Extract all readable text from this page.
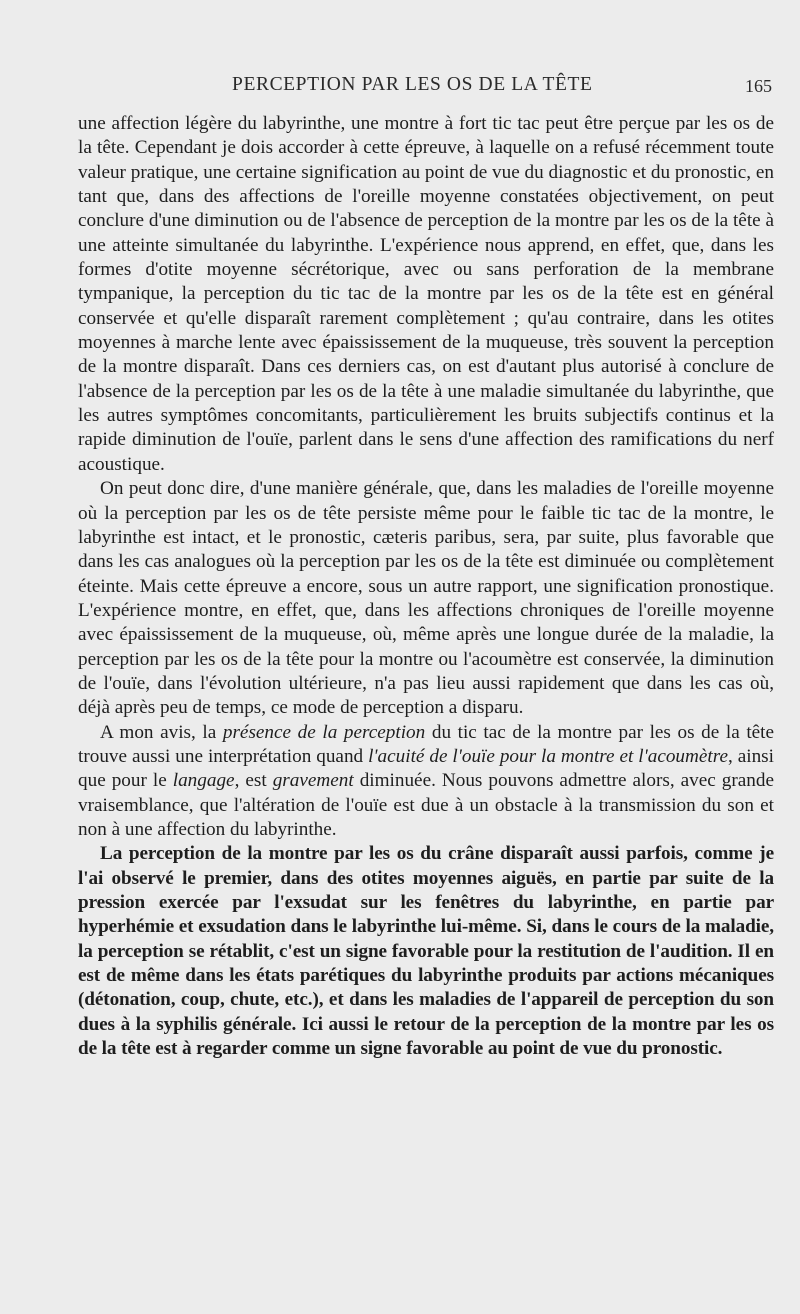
PERCEPTION PAR LES OS DE LA TÊTE	165

une affection légère du labyrinthe, une montre à fort tic tac peut être perçue par les os de la tête. Cependant je dois accorder à cette épreuve, à laquelle on a refusé récemment toute valeur pratique, une certaine signification au point de vue du diagnostic et du pronostic, en tant que, dans des affections de l'oreille moyenne constatées objectivement, on peut conclure d'une diminution ou de l'absence de perception de la montre par les os de la tête à une atteinte simultanée du labyrinthe. L'expérience nous apprend, en effet, que, dans les formes d'otite moyenne sécrétorique, avec ou sans perforation de la membrane tympanique, la perception du tic tac de la montre par les os de la tête est en général conservée et qu'elle disparaît rarement complètement ; qu'au contraire, dans les otites moyennes à marche lente avec épaississement de la muqueuse, très souvent la perception de la montre disparaît. Dans ces derniers cas, on est d'autant plus autorisé à conclure de l'absence de la perception par les os de la tête à une maladie simultanée du labyrinthe, que les autres symptômes concomitants, particulièrement les bruits subjectifs continus et la rapide diminution de l'ouïe, parlent dans le sens d'une affection des ramifications du nerf acoustique.

On peut donc dire, d'une manière générale, que, dans les maladies de l'oreille moyenne où la perception par les os de tête persiste même pour le faible tic tac de la montre, le labyrinthe est intact, et le pronostic, cæteris paribus, sera, par suite, plus favorable que dans les cas analogues où la perception par les os de la tête est diminuée ou complètement éteinte. Mais cette épreuve a encore, sous un autre rapport, une signification pronostique. L'expérience montre, en effet, que, dans les affections chroniques de l'oreille moyenne avec épaississement de la muqueuse, où, même après une longue durée de la maladie, la perception par les os de la tête pour la montre ou l'acoumètre est conservée, la diminution de l'ouïe, dans l'évolution ultérieure, n'a pas lieu aussi rapidement que dans les cas où, déjà après peu de temps, ce mode de perception a disparu.

A mon avis, la présence de la perception du tic tac de la montre par les os de la tête trouve aussi une interprétation quand l'acuité de l'ouïe pour la montre et l'acoumètre, ainsi que pour le langage, est gravement diminuée. Nous pouvons admettre alors, avec grande vraisemblance, que l'altération de l'ouïe est due à un obstacle à la transmission du son et non à une affection du labyrinthe.

La perception de la montre par les os du crâne disparaît aussi parfois, comme je l'ai observé le premier, dans des otites moyennes aiguës, en partie par suite de la pression exercée par l'exsudat sur les fenêtres du labyrinthe, en partie par hyperhémie et exsudation dans le labyrinthe lui-même. Si, dans le cours de la maladie, la perception se rétablit, c'est un signe favorable pour la restitution de l'audition. Il en est de même dans les états parétiques du labyrinthe produits par actions mécaniques (détonation, coup, chute, etc.), et dans les maladies de l'appareil de perception du son dues à la syphilis générale. Ici aussi le retour de la perception de la montre par les os de la tête est à regarder comme un signe favorable au point de vue du pronostic.
